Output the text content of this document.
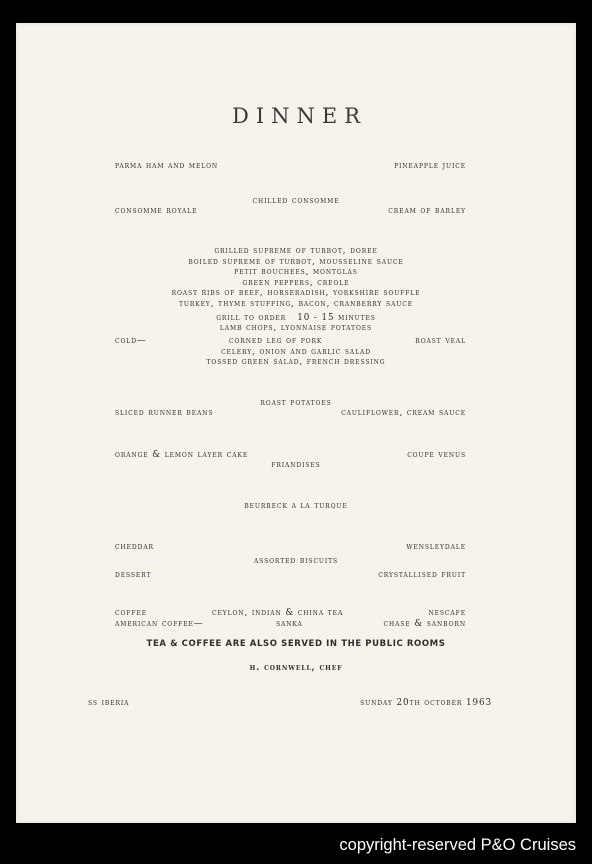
DINNER
parma ham and melon	pineapple juice
chilled consomme
consomme royale	cream of barley
grilled supreme of turbot, doree
boiled supreme of turbot, mousseline sauce
petit bouchees, montglas
green peppers, creole
roast ribs of beef, horseradish, yorkshire souffle
turkey, thyme stuffing, bacon, cranberry sauce
grill to order   10 - 15 minutes
lamb chops, lyonnaise potatoes
cold—	corned leg of pork	roast veal
celery, onion and garlic salad
tossed green salad, french dressing
roast potatoes
sliced runner beans	cauliflower, cream sauce
orange & lemon layer cake	coupe venus
friandises
beurreck a la turque
cheddar	wensleydale
assorted biscuits
dessert	crystallised fruit
coffee	ceylon, indian & china tea	nescafe
american coffee—	sanka	chase & sanborn
TEA & COFFEE ARE ALSO SERVED IN THE PUBLIC ROOMS
h. cornwell, chef
ss iberia	sunday 20th october 1963
copyright-reserved P&O Cruises
